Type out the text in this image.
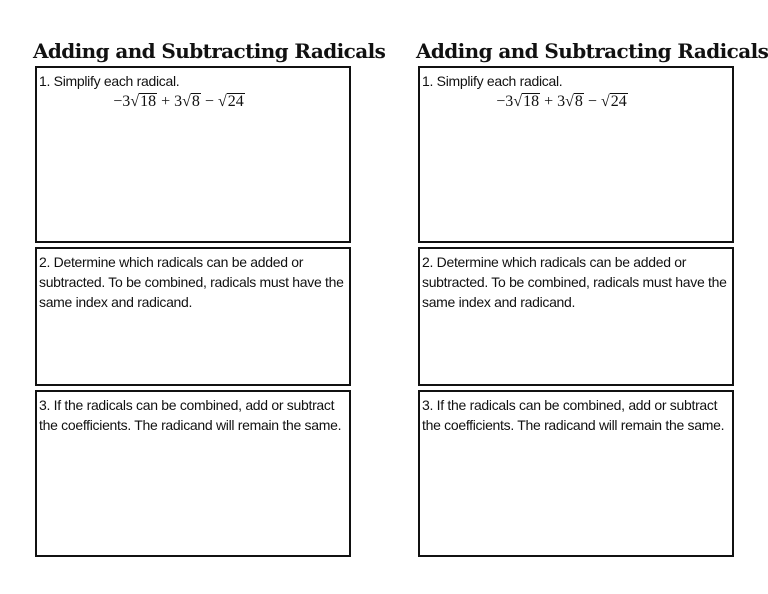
Adding and Subtracting Radicals
1. Simplify each radical.
−3√18 + 3√8 − √24
2. Determine which radicals can be added or subtracted. To be combined, radicals must have the same index and radicand.
3. If the radicals can be combined, add or subtract the coefficients. The radicand will remain the same.
Adding and Subtracting Radicals
1. Simplify each radical.
−3√18 + 3√8 − √24
2. Determine which radicals can be added or subtracted. To be combined, radicals must have the same index and radicand.
3. If the radicals can be combined, add or subtract the coefficients. The radicand will remain the same.
